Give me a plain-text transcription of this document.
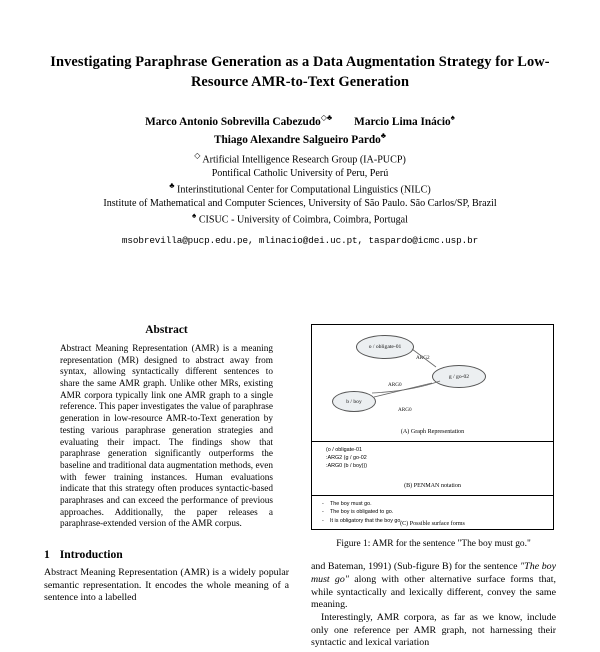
Investigating Paraphrase Generation as a Data Augmentation Strategy for Low-Resource AMR-to-Text Generation
Marco Antonio Sobrevilla Cabezudo◇♣ Marcio Lima Inácio♠
Thiago Alexandre Salgueiro Pardo♣
◇ Artificial Intelligence Research Group (IA-PUCP)
Pontifical Catholic University of Peru, Perú
♣ Interinstitutional Center for Computational Linguistics (NILC)
Institute of Mathematical and Computer Sciences, University of São Paulo. São Carlos/SP, Brazil
♠ CISUC - University of Coimbra, Coimbra, Portugal
msobrevilla@pucp.edu.pe, mlinacio@dei.uc.pt, taspardo@icmc.usp.br
Abstract
Abstract Meaning Representation (AMR) is a meaning representation (MR) designed to abstract away from syntax, allowing syntactically different sentences to share the same AMR graph. Unlike other MRs, existing AMR corpora typically link one AMR graph to a single reference. This paper investigates the value of paraphrase generation in low-resource AMR-to-Text generation by testing various paraphrase generation strategies and evaluating their impact. The findings show that paraphrase generation significantly outperforms the baseline and traditional data augmentation methods, even with fewer training instances. Human evaluations indicate that this strategy often produces syntactic-based paraphrases and can exceed the performance of previous approaches. Additionally, the paper releases a paraphrase-extended version of the AMR corpus.
1 Introduction

Abstract Meaning Representation (AMR) is a widely popular semantic representation. It encodes the whole meaning of a sentence into a labelled

o / obligate-01
g / go-02
b / boy
ARG2
ARG0
ARG0
(A) Graph Representation
(o / obligate-01
:ARG2 (g / go-02
:ARG0 (b / boy)))
(B) PENMAN notation
- The boy must go.
- The boy is obligated to go.
- It is obligatory that the boy go.
(C) Possible surface forms
Figure 1: AMR for the sentence "The boy must go."

and Bateman, 1991) (Sub-figure B) for the sentence "The boy must go" along with other alternative surface forms that, while syntactically and lexically different, convey the same meaning.

Interestingly, AMR corpora, as far as we know, include only one reference per AMR graph, not harnessing their syntactic and lexical variation
